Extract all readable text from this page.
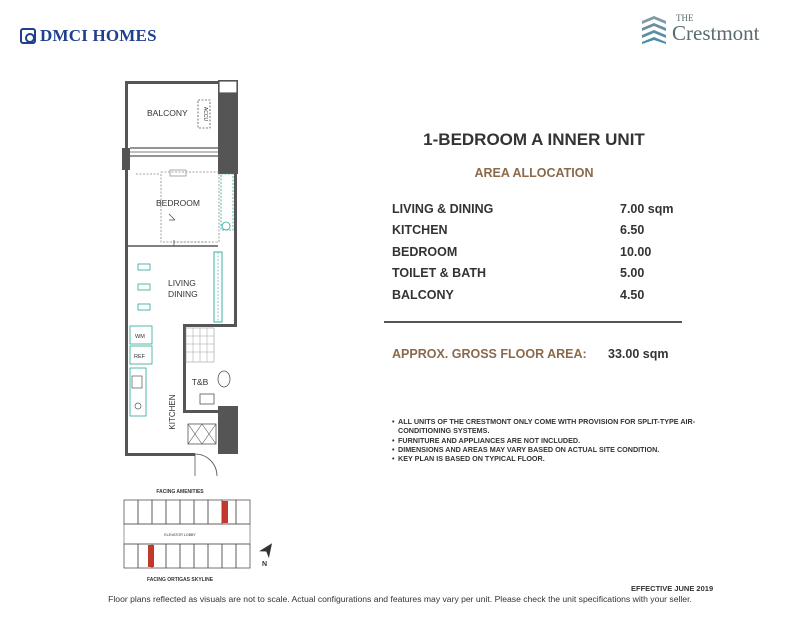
DMCI HOMES
THE
Crestmont
ACCU
BALCONY
BEDROOM
LIVING
DINING
WM
REF
KITCHEN
T&B
FACING AMENITIES
ELEVATOR LOBBY
FACING ORTIGAS SKYLINE
N
1-BEDROOM A INNER UNIT
AREA ALLOCATION
LIVING & DINING	7.00 sqm
KITCHEN	6.50
BEDROOM	10.00
TOILET & BATH	5.00
BALCONY	4.50
APPROX. GROSS FLOOR AREA: 33.00 sqm
• ALL UNITS OF THE CRESTMONT ONLY COME WITH PROVISION FOR SPLIT-TYPE AIR-CONDITIONING SYSTEMS.
• FURNITURE AND APPLIANCES ARE NOT INCLUDED.
• DIMENSIONS AND AREAS MAY VARY BASED ON ACTUAL SITE CONDITION.
• KEY PLAN IS BASED ON TYPICAL FLOOR.
EFFECTIVE JUNE 2019
Floor plans reflected as visuals are not to scale. Actual configurations and features may vary per unit. Please check the unit specifications with your seller.
